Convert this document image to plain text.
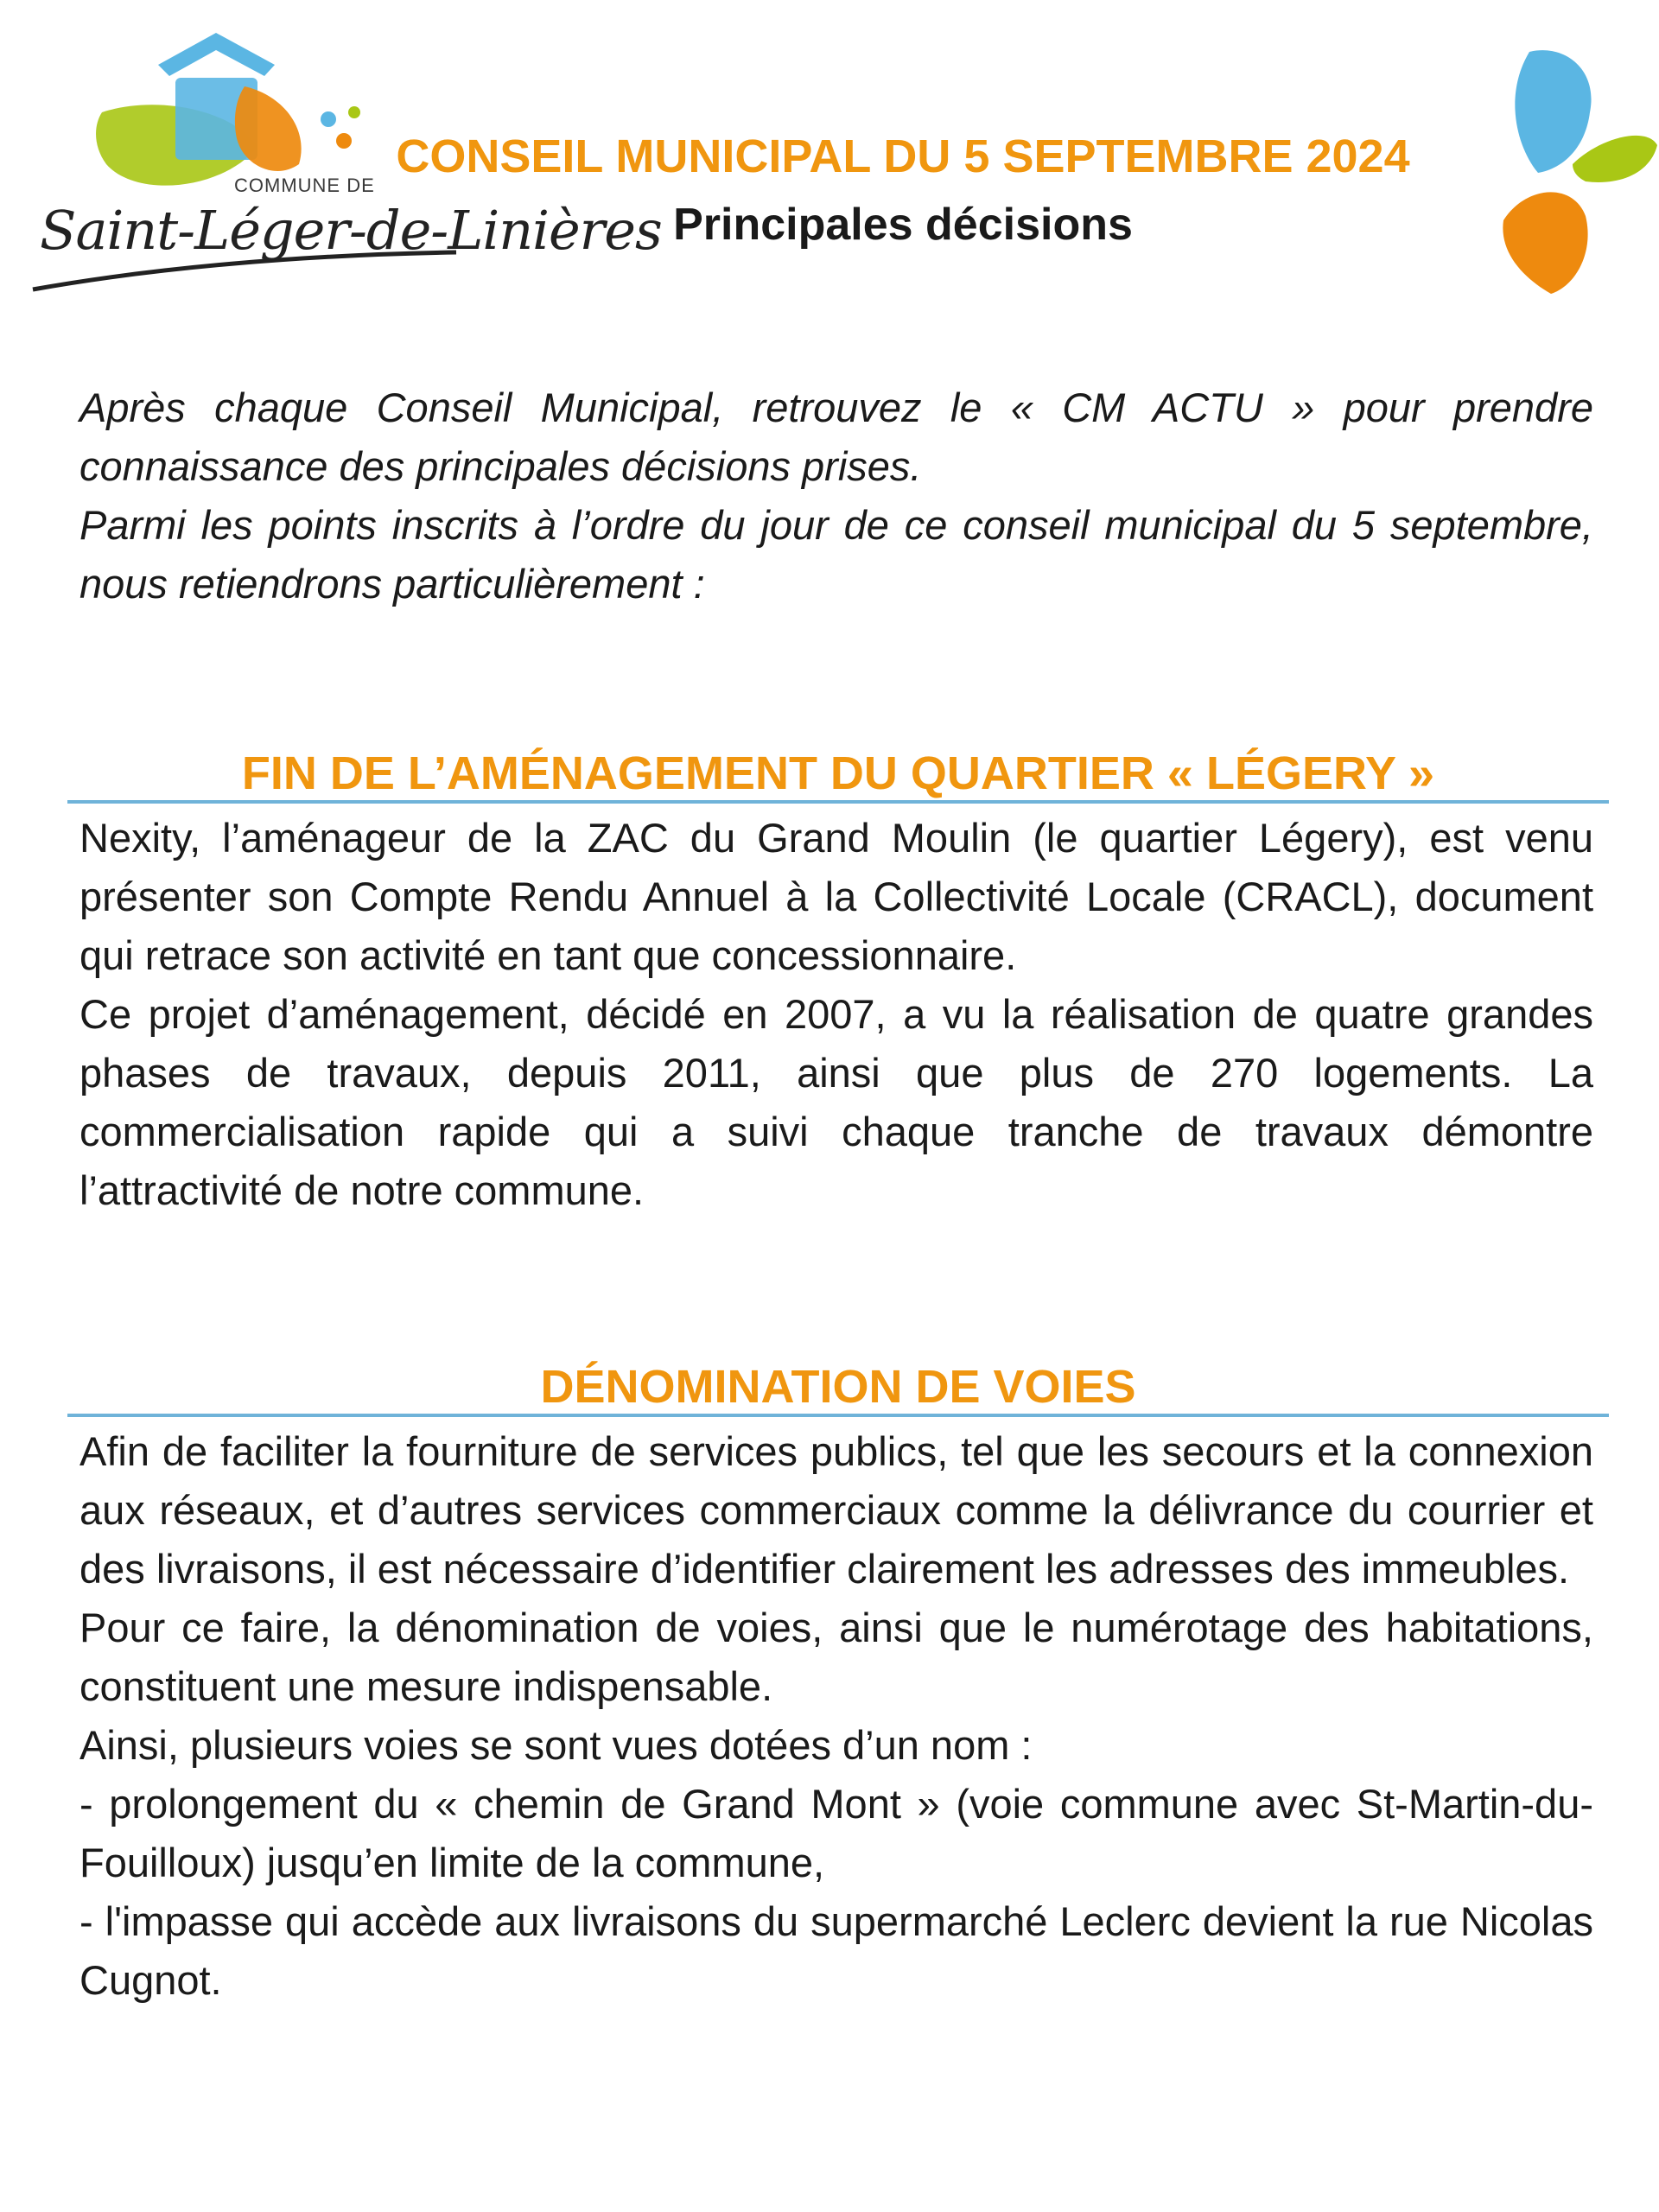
COMMUNE DE
Saint-Léger-de-Linières
CONSEIL MUNICIPAL DU 5 SEPTEMBRE 2024
Principales décisions

Après chaque Conseil Municipal, retrouvez le « CM ACTU » pour prendre connaissance des principales décisions prises.

Parmi les points inscrits à l’ordre du jour de ce conseil municipal du 5 septembre, nous retiendrons particulièrement :

FIN DE L’AMÉNAGEMENT DU QUARTIER « LÉGERY »

Nexity, l’aménageur de la ZAC du Grand Moulin (le quartier Légery), est venu présenter son Compte Rendu Annuel à la Collectivité Locale (CRACL), document qui retrace son activité en tant que concessionnaire.

Ce projet d’aménagement, décidé en 2007, a vu la réalisation de quatre grandes phases de travaux, depuis 2011, ainsi que plus de 270 logements. La commercialisation rapide qui a suivi chaque tranche de travaux démontre l’attractivité de notre commune.

DÉNOMINATION DE VOIES

Afin de faciliter la fourniture de services publics, tel que les secours et la connexion aux réseaux, et d’autres services commerciaux comme la délivrance du courrier et des livraisons, il est nécessaire d’identifier clairement les adresses des immeubles.

Pour ce faire, la dénomination de voies, ainsi que le numérotage des habitations, constituent une mesure indispensable.

Ainsi, plusieurs voies se sont vues dotées d’un nom :

- prolongement du « chemin de Grand Mont » (voie commune avec St-Martin-du-Fouilloux) jusqu’en limite de la commune,

- l'impasse qui accède aux livraisons du supermarché Leclerc devient la rue Nicolas Cugnot.
